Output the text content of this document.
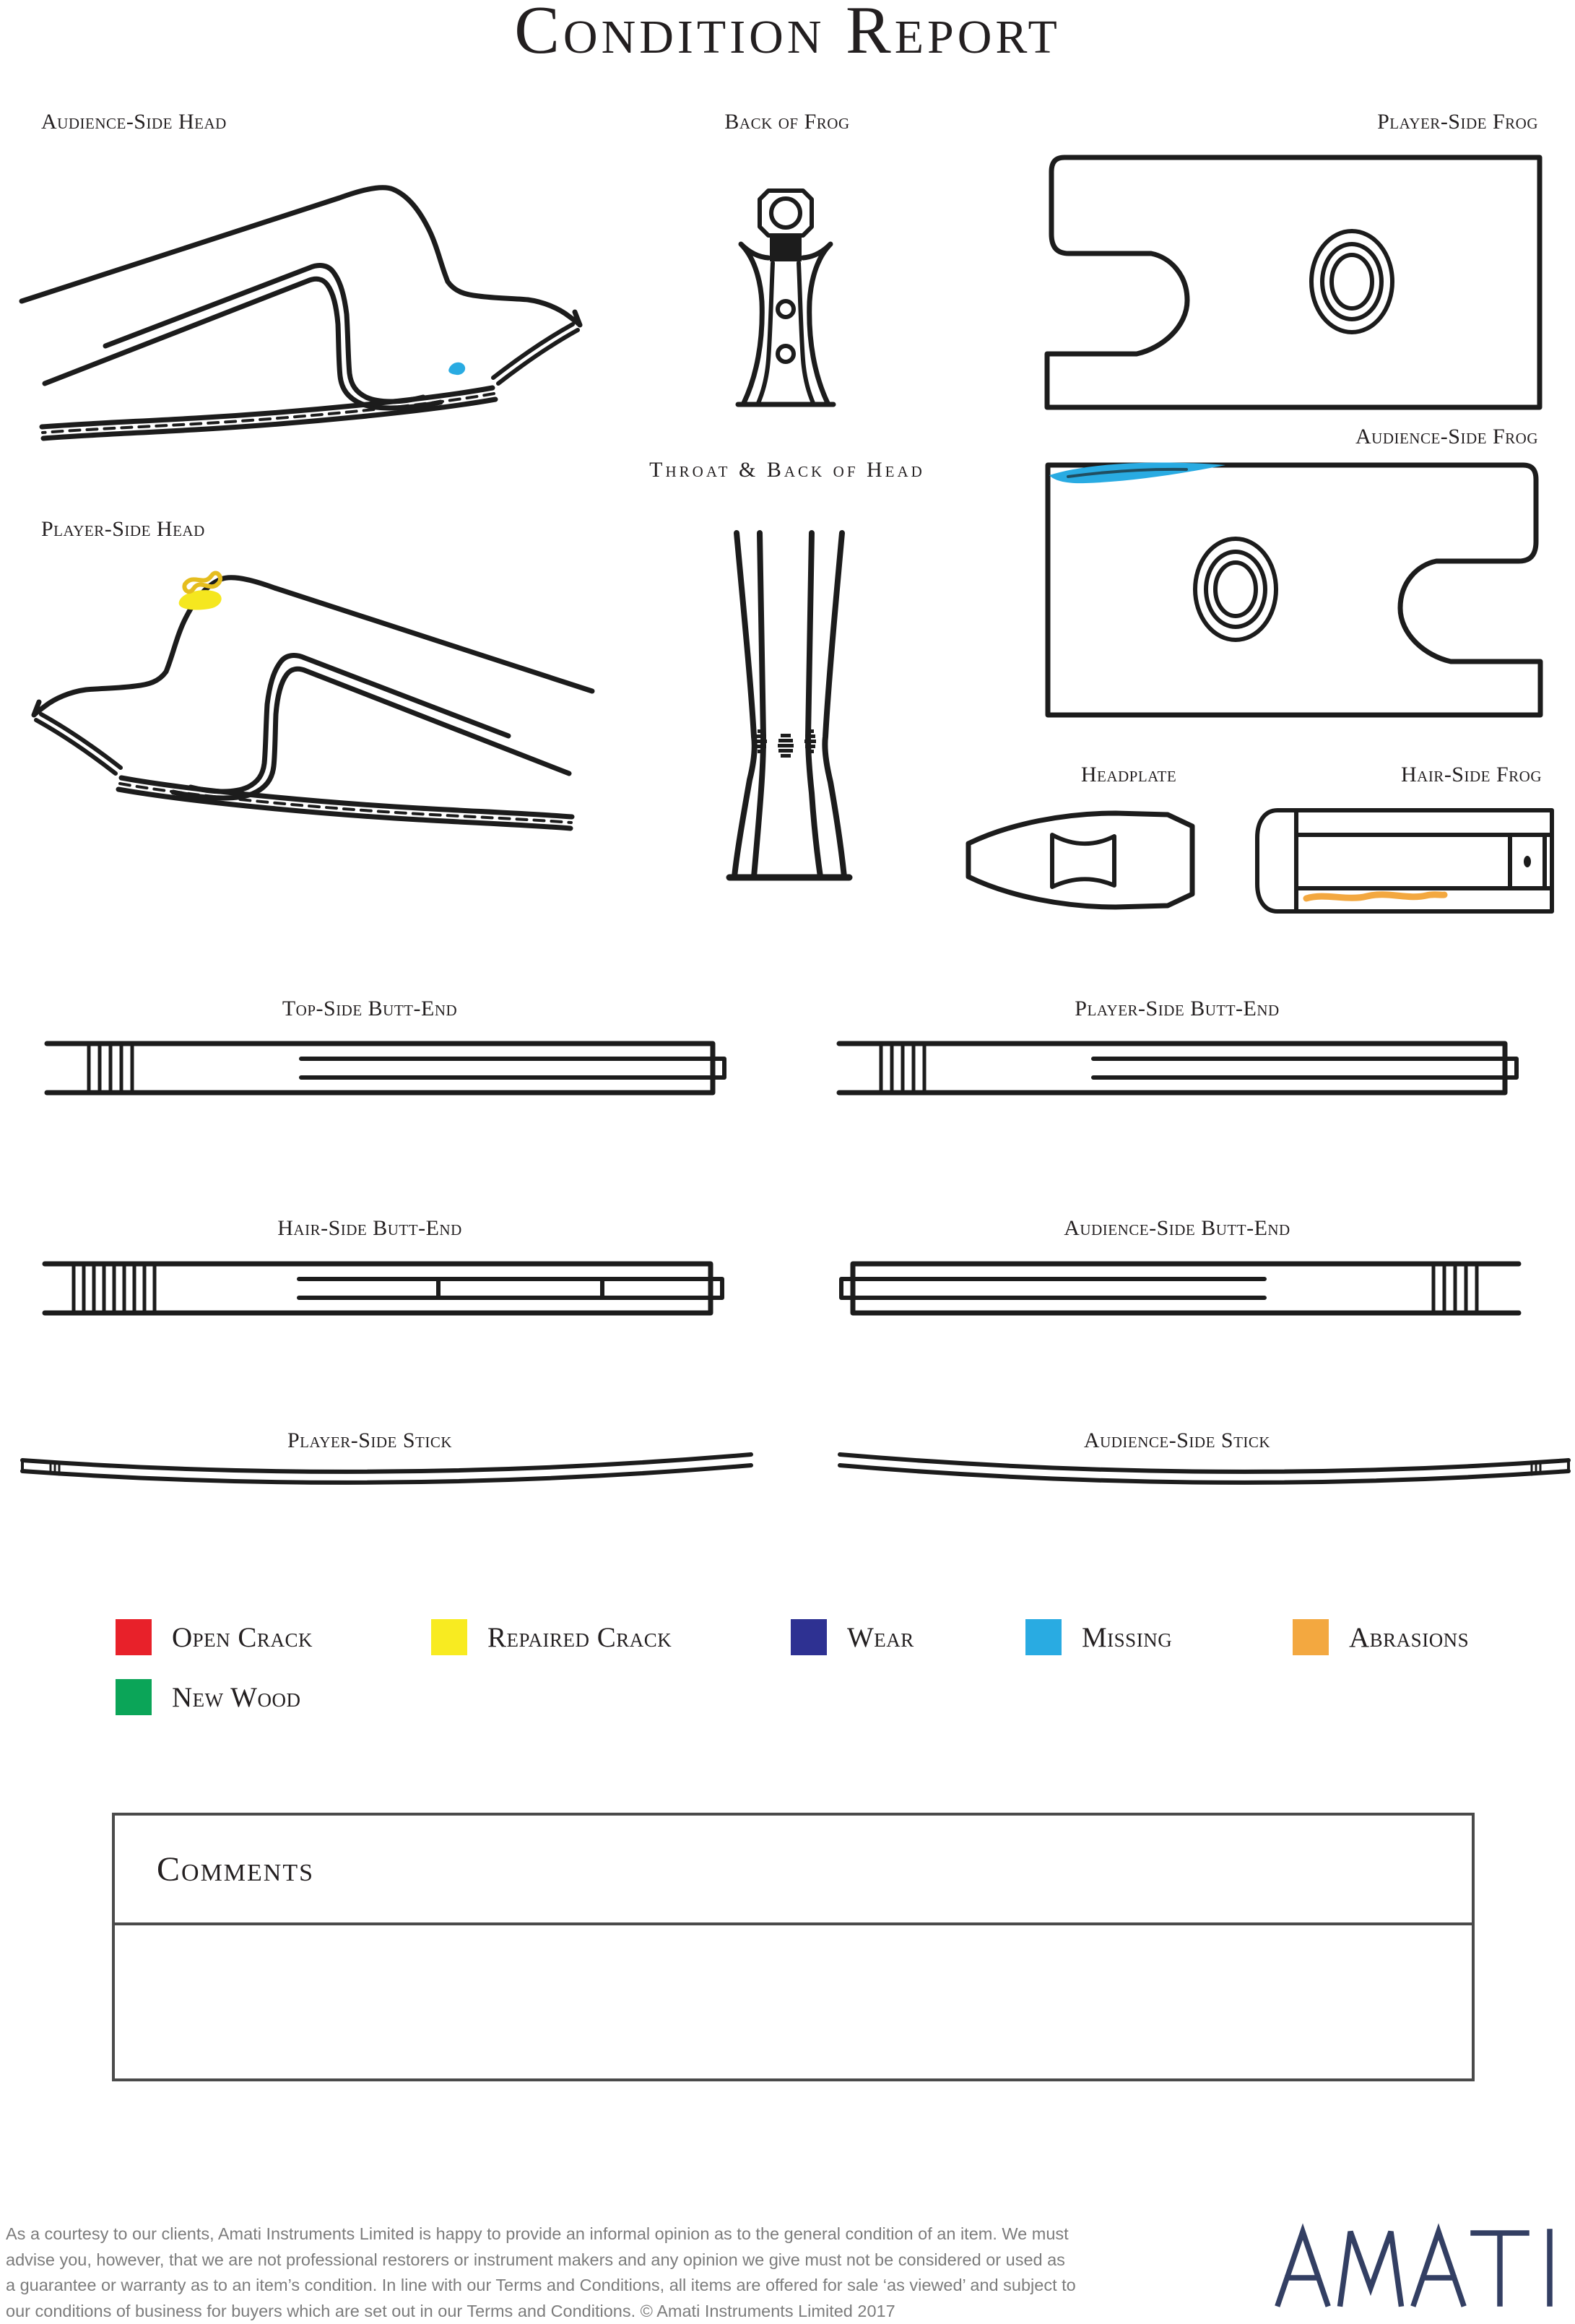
Condition Report
Audience-Side Head	Back of Frog	Player-Side Frog
Audience-Side Frog
Player-Side Head
Throat & Back of Head
Headplate	Hair-Side Frog
Top-Side Butt-End	Player-Side Butt-End
Hair-Side Butt-End	Audience-Side Butt-End
Player-Side Stick	Audience-Side Stick
Open Crack	Repaired Crack	Wear	Missing	Abrasions
New Wood
Comments
As a courtesy to our clients, Amati Instruments Limited is happy to provide an informal opinion as to the general condition of an item. We must
advise you, however, that we are not professional restorers or instrument makers and any opinion we give must not be considered or used as
a guarantee or warranty as to an item’s condition. In line with our Terms and Conditions, all items are offered for sale ‘as viewed’ and subject to
our conditions of business for buyers which are set out in our Terms and Conditions. © Amati Instruments Limited 2017
